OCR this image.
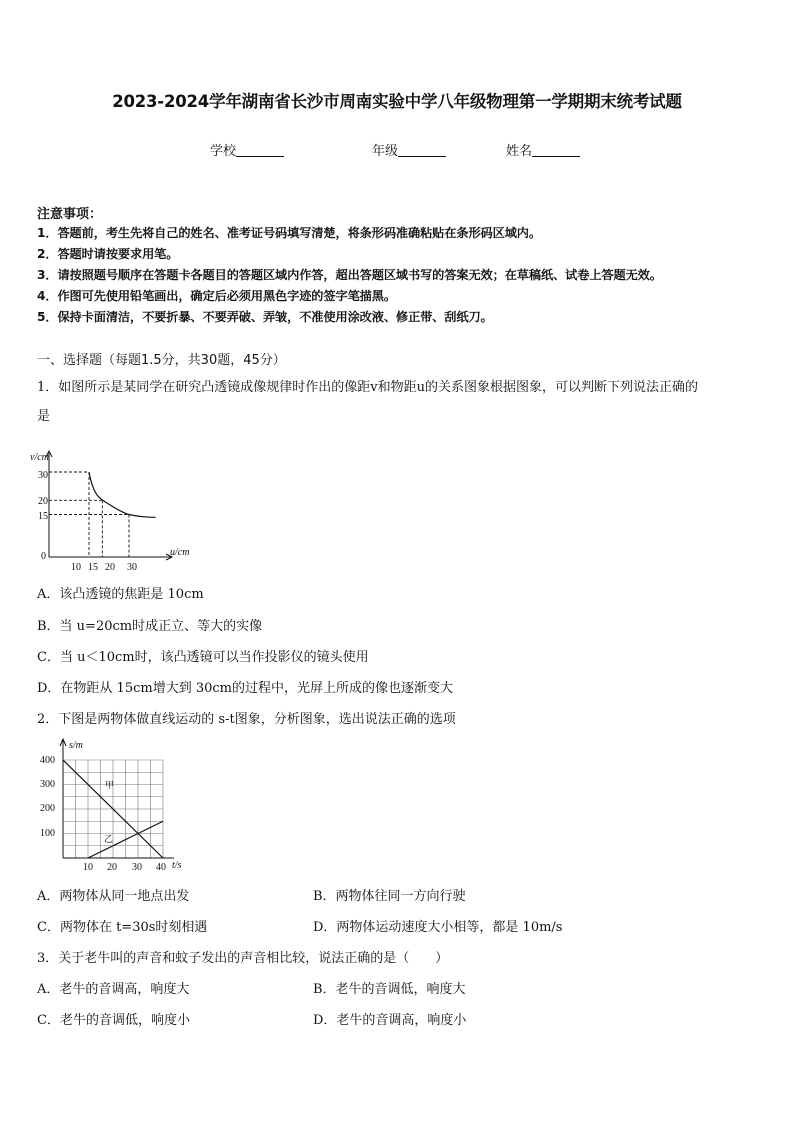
2023-2024学年湖南省长沙市周南实验中学八年级物理第一学期期末统考试题
学校	年级	姓名
注意事项：
1．答题前，考生先将自己的姓名、准考证号码填写清楚，将条形码准确粘贴在条形码区域内。
2．答题时请按要求用笔。
3．请按照题号顺序在答题卡各题目的答题区域内作答，超出答题区域书写的答案无效；在草稿纸、试卷上答题无效。
4．作图可先使用铅笔画出，确定后必须用黑色字迹的签字笔描黑。
5．保持卡面清洁，不要折暴、不要弄破、弄皱，不准使用涂改液、修正带、刮纸刀。
一、选择题（每题1.5分，共30题，45分）
1．如图所示是某同学在研究凸透镜成像规律时作出的像距v和物距u的关系图象根据图象，可以判断下列说法正确的
是
v/cm
u/cm
30
20
15
0
10 15 20 30
A．该凸透镜的焦距是 10cm
B．当 u=20cm时成正立、等大的实像
C．当 u＜10cm时，该凸透镜可以当作投影仪的镜头使用
D．在物距从 15cm增大到 30cm的过程中，光屏上所成的像也逐渐变大
2．下图是两物体做直线运动的 s-t图象，分析图象，选出说法正确的选项
s/m
t/s
400
300
200
100
10 20 30 40
甲
乙
A．两物体从同一地点出发	B．两物体往同一方向行驶
C．两物体在 t=30s时刻相遇	D．两物体运动速度大小相等，都是 10m/s
3．关于老牛叫的声音和蚊子发出的声音相比较，说法正确的是（　　）
A．老牛的音调高，响度大	B．老牛的音调低，响度大
C．老牛的音调低，响度小	D．老牛的音调高，响度小
